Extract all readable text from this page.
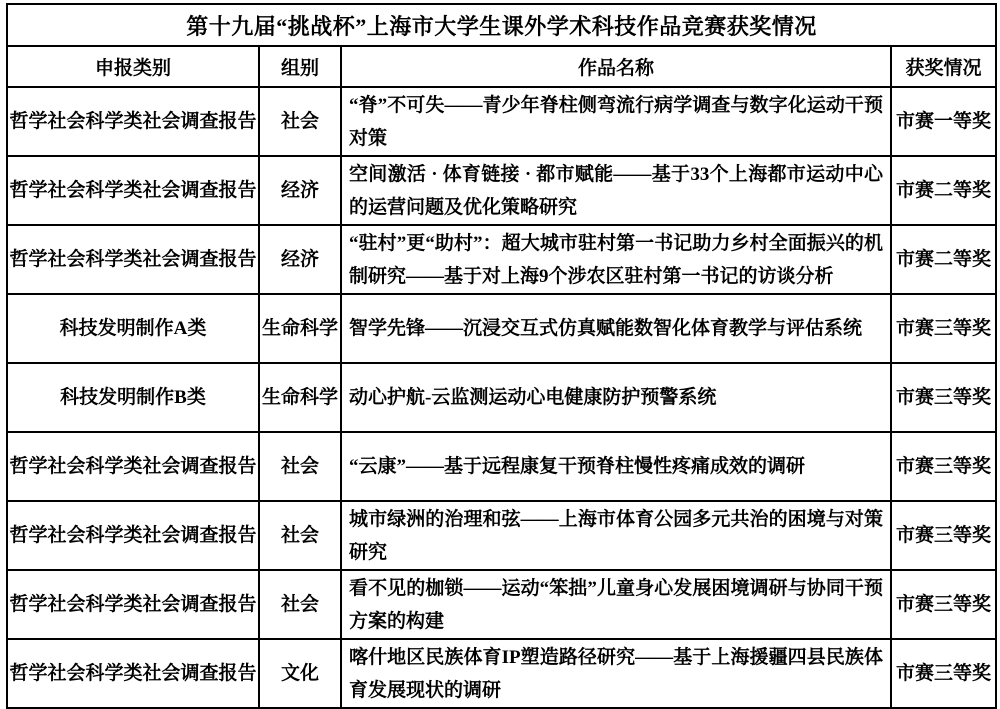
第十九届“挑战杯”上海市大学生课外学术科技作品竞赛获奖情况			
申报类别	组别	作品名称	获奖情况
哲学社会科学类社会调查报告	社会	“脊”不可失——青少年脊柱侧弯流行病学调查与数字化运动干预对策	市赛一等奖
哲学社会科学类社会调查报告	经济	空间激活 · 体育链接 · 都市赋能——基于33个上海都市运动中心的运营问题及优化策略研究	市赛二等奖
哲学社会科学类社会调查报告	经济	“驻村”更“助村”：超大城市驻村第一书记助力乡村全面振兴的机制研究——基于对上海9个涉农区驻村第一书记的访谈分析	市赛二等奖
科技发明制作A类	生命科学	智学先锋——沉浸交互式仿真赋能数智化体育教学与评估系统	市赛三等奖
科技发明制作B类	生命科学	动心护航-云监测运动心电健康防护预警系统	市赛三等奖
哲学社会科学类社会调查报告	社会	“云康”——基于远程康复干预脊柱慢性疼痛成效的调研	市赛三等奖
哲学社会科学类社会调查报告	社会	城市绿洲的治理和弦——上海市体育公园多元共治的困境与对策研究	市赛三等奖
哲学社会科学类社会调查报告	社会	看不见的枷锁——运动“笨拙”儿童身心发展困境调研与协同干预方案的构建	市赛三等奖
哲学社会科学类社会调查报告	文化	喀什地区民族体育IP塑造路径研究——基于上海援疆四县民族体育发展现状的调研	市赛三等奖
